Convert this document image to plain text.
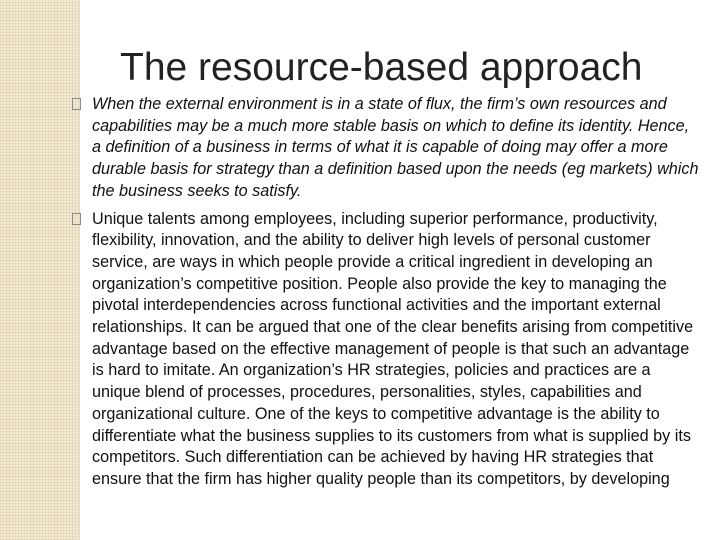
The resource-based approach
When the external environment is in a state of flux, the firm’s own resources and capabilities may be a much more stable basis on which to define its identity. Hence, a definition of a business in terms of what it is capable of doing may offer a more durable basis for strategy than a definition based upon the needs (eg markets) which the business seeks to satisfy.
Unique talents among employees, including superior performance, productivity, flexibility, innovation, and the ability to deliver high levels of personal customer service, are ways in which people provide a critical ingredient in developing an organization’s competitive position. People also provide the key to managing the pivotal interdependencies across functional activities and the important external relationships. It can be argued that one of the clear benefits arising from competitive advantage based on the effective management of people is that such an advantage is hard to imitate. An organization’s HR strategies, policies and practices are a unique blend of processes, procedures, personalities, styles, capabilities and organizational culture. One of the keys to competitive advantage is the ability to differentiate what the business supplies to its customers from what is supplied by its competitors. Such differentiation can be achieved by having HR strategies that ensure that the firm has higher quality people than its competitors, by developing
